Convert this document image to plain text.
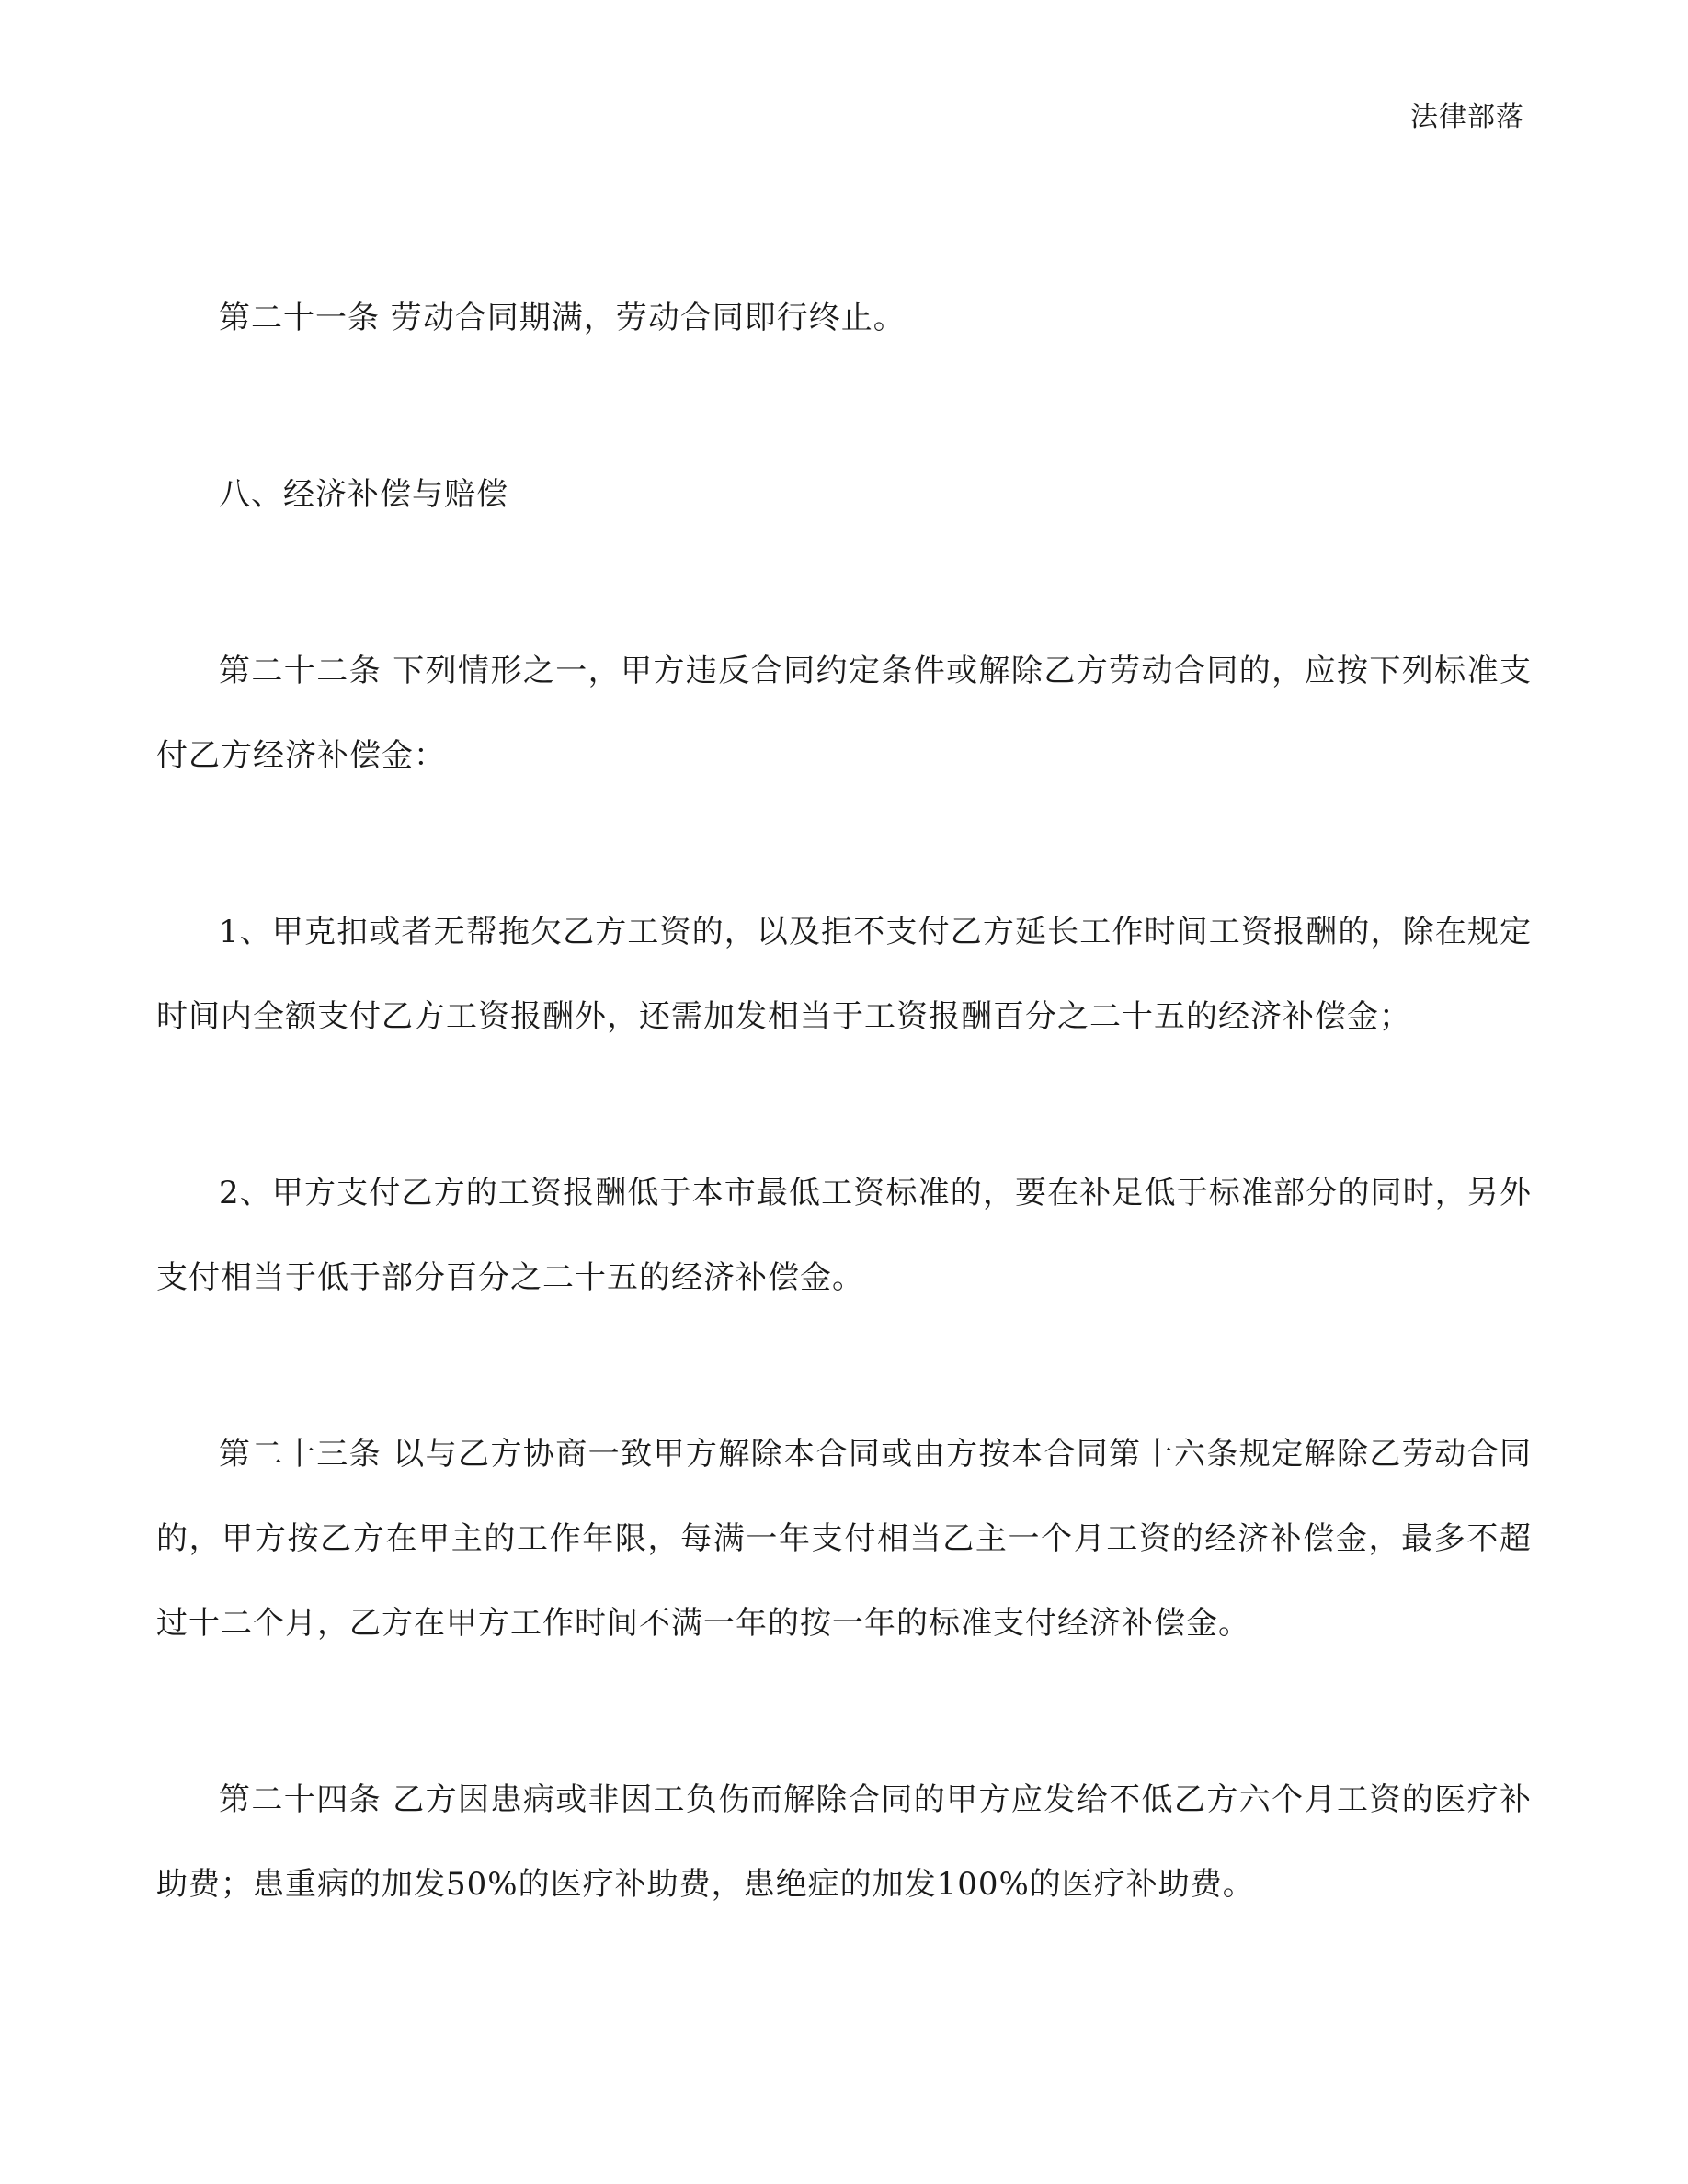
法律部落

第二十一条 劳动合同期满，劳动合同即行终止。

八、经济补偿与赔偿

第二十二条 下列情形之一，甲方违反合同约定条件或解除乙方劳动合同的，应按下列标准支付乙方经济补偿金：

1、甲克扣或者无帮拖欠乙方工资的，以及拒不支付乙方延长工作时间工资报酬的，除在规定时间内全额支付乙方工资报酬外，还需加发相当于工资报酬百分之二十五的经济补偿金；

2、甲方支付乙方的工资报酬低于本市最低工资标准的，要在补足低于标准部分的同时，另外支付相当于低于部分百分之二十五的经济补偿金。

第二十三条 以与乙方协商一致甲方解除本合同或由方按本合同第十六条规定解除乙劳动合同的，甲方按乙方在甲主的工作年限，每满一年支付相当乙主一个月工资的经济补偿金，最多不超过十二个月，乙方在甲方工作时间不满一年的按一年的标准支付经济补偿金。

第二十四条 乙方因患病或非因工负伤而解除合同的甲方应发给不低乙方六个月工资的医疗补助费；患重病的加发50%的医疗补助费，患绝症的加发100%的医疗补助费。
